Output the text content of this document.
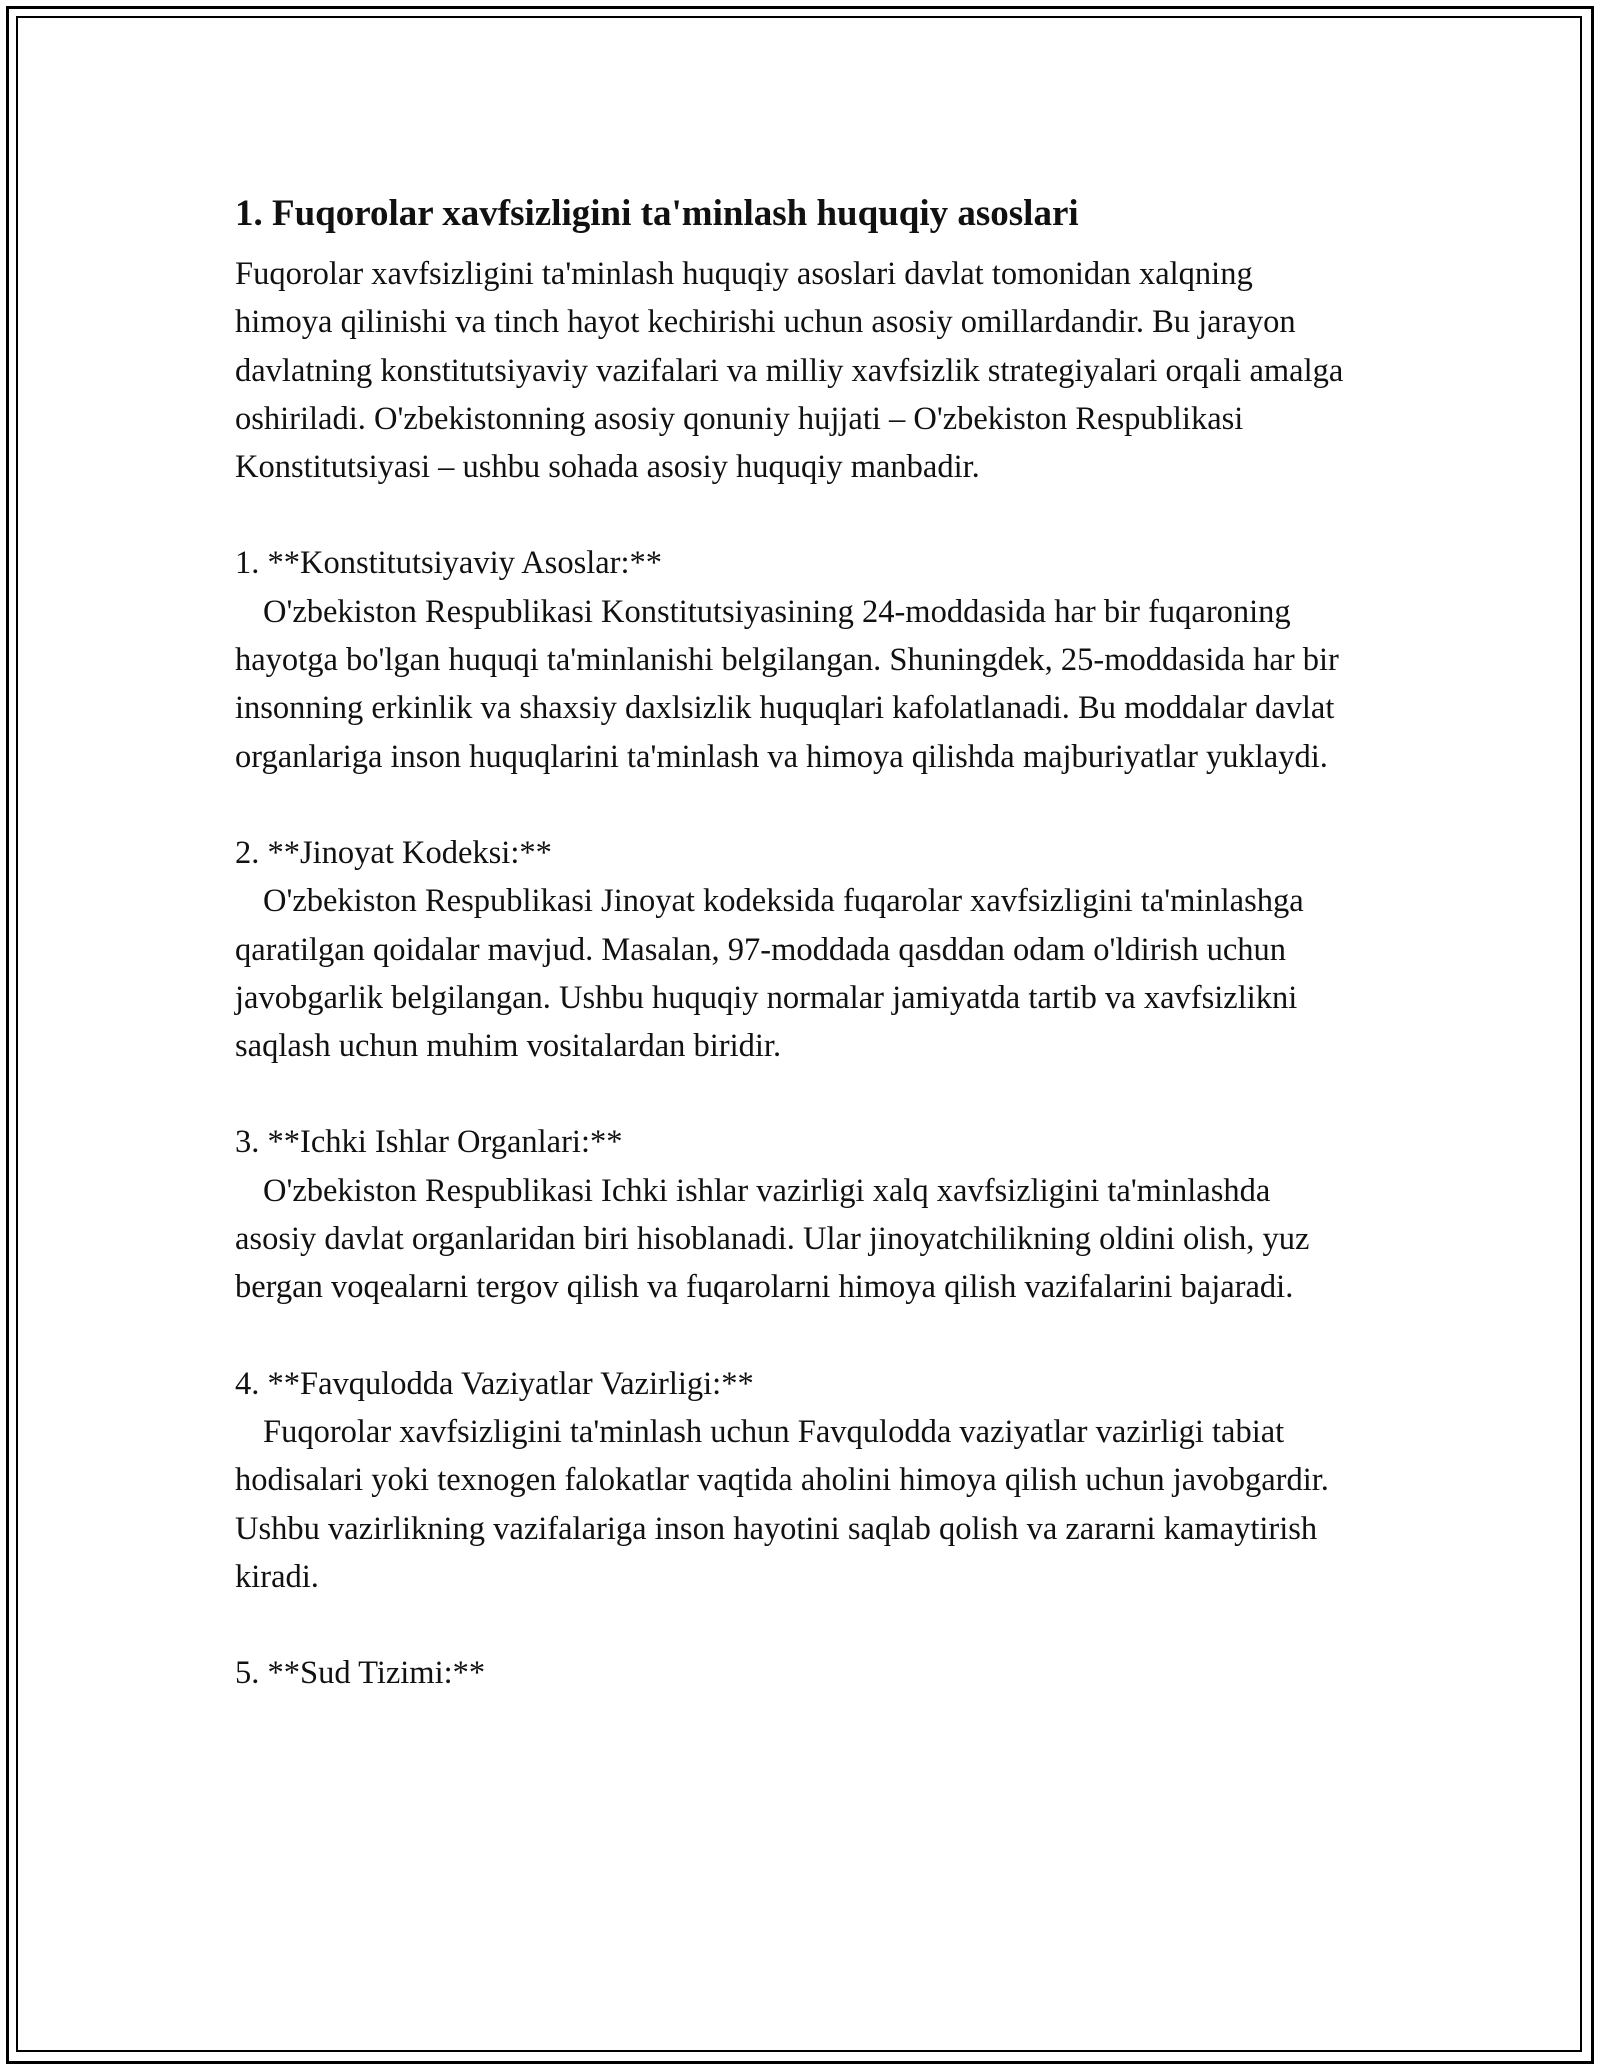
1. Fuqorolar xavfsizligini ta'minlash huquqiy asoslari

Fuqorolar xavfsizligini ta'minlash huquqiy asoslari davlat tomonidan xalqning himoya qilinishi va tinch hayot kechirishi uchun asosiy omillardandir. Bu jarayon davlatning konstitutsiyaviy vazifalari va milliy xavfsizlik strategiyalari orqali amalga oshiriladi. O'zbekistonning asosiy qonuniy hujjati – O'zbekiston Respublikasi Konstitutsiyasi – ushbu sohada asosiy huquqiy manbadir.

1. **Konstitutsiyaviy Asoslar:**

O'zbekiston Respublikasi Konstitutsiyasining 24-moddasida har bir fuqaroning hayotga bo'lgan huquqi ta'minlanishi belgilangan. Shuningdek, 25-moddasida har bir insonning erkinlik va shaxsiy daxlsizlik huquqlari kafolatlanadi. Bu moddalar davlat organlariga inson huquqlarini ta'minlash va himoya qilishda majburiyatlar yuklaydi.

2. **Jinoyat Kodeksi:**

O'zbekiston Respublikasi Jinoyat kodeksida fuqarolar xavfsizligini ta'minlashga qaratilgan qoidalar mavjud. Masalan, 97-moddada qasddan odam o'ldirish uchun javobgarlik belgilangan. Ushbu huquqiy normalar jamiyatda tartib va xavfsizlikni saqlash uchun muhim vositalardan biridir.

3. **Ichki Ishlar Organlari:**

O'zbekiston Respublikasi Ichki ishlar vazirligi xalq xavfsizligini ta'minlashda asosiy davlat organlaridan biri hisoblanadi. Ular jinoyatchilikning oldini olish, yuz bergan voqealarni tergov qilish va fuqarolarni himoya qilish vazifalarini bajaradi.

4. **Favqulodda Vaziyatlar Vazirligi:**

Fuqorolar xavfsizligini ta'minlash uchun Favqulodda vaziyatlar vazirligi tabiat hodisalari yoki texnogen falokatlar vaqtida aholini himoya qilish uchun javobgardir. Ushbu vazirlikning vazifalariga inson hayotini saqlab qolish va zararni kamaytirish kiradi.

5. **Sud Tizimi:**
